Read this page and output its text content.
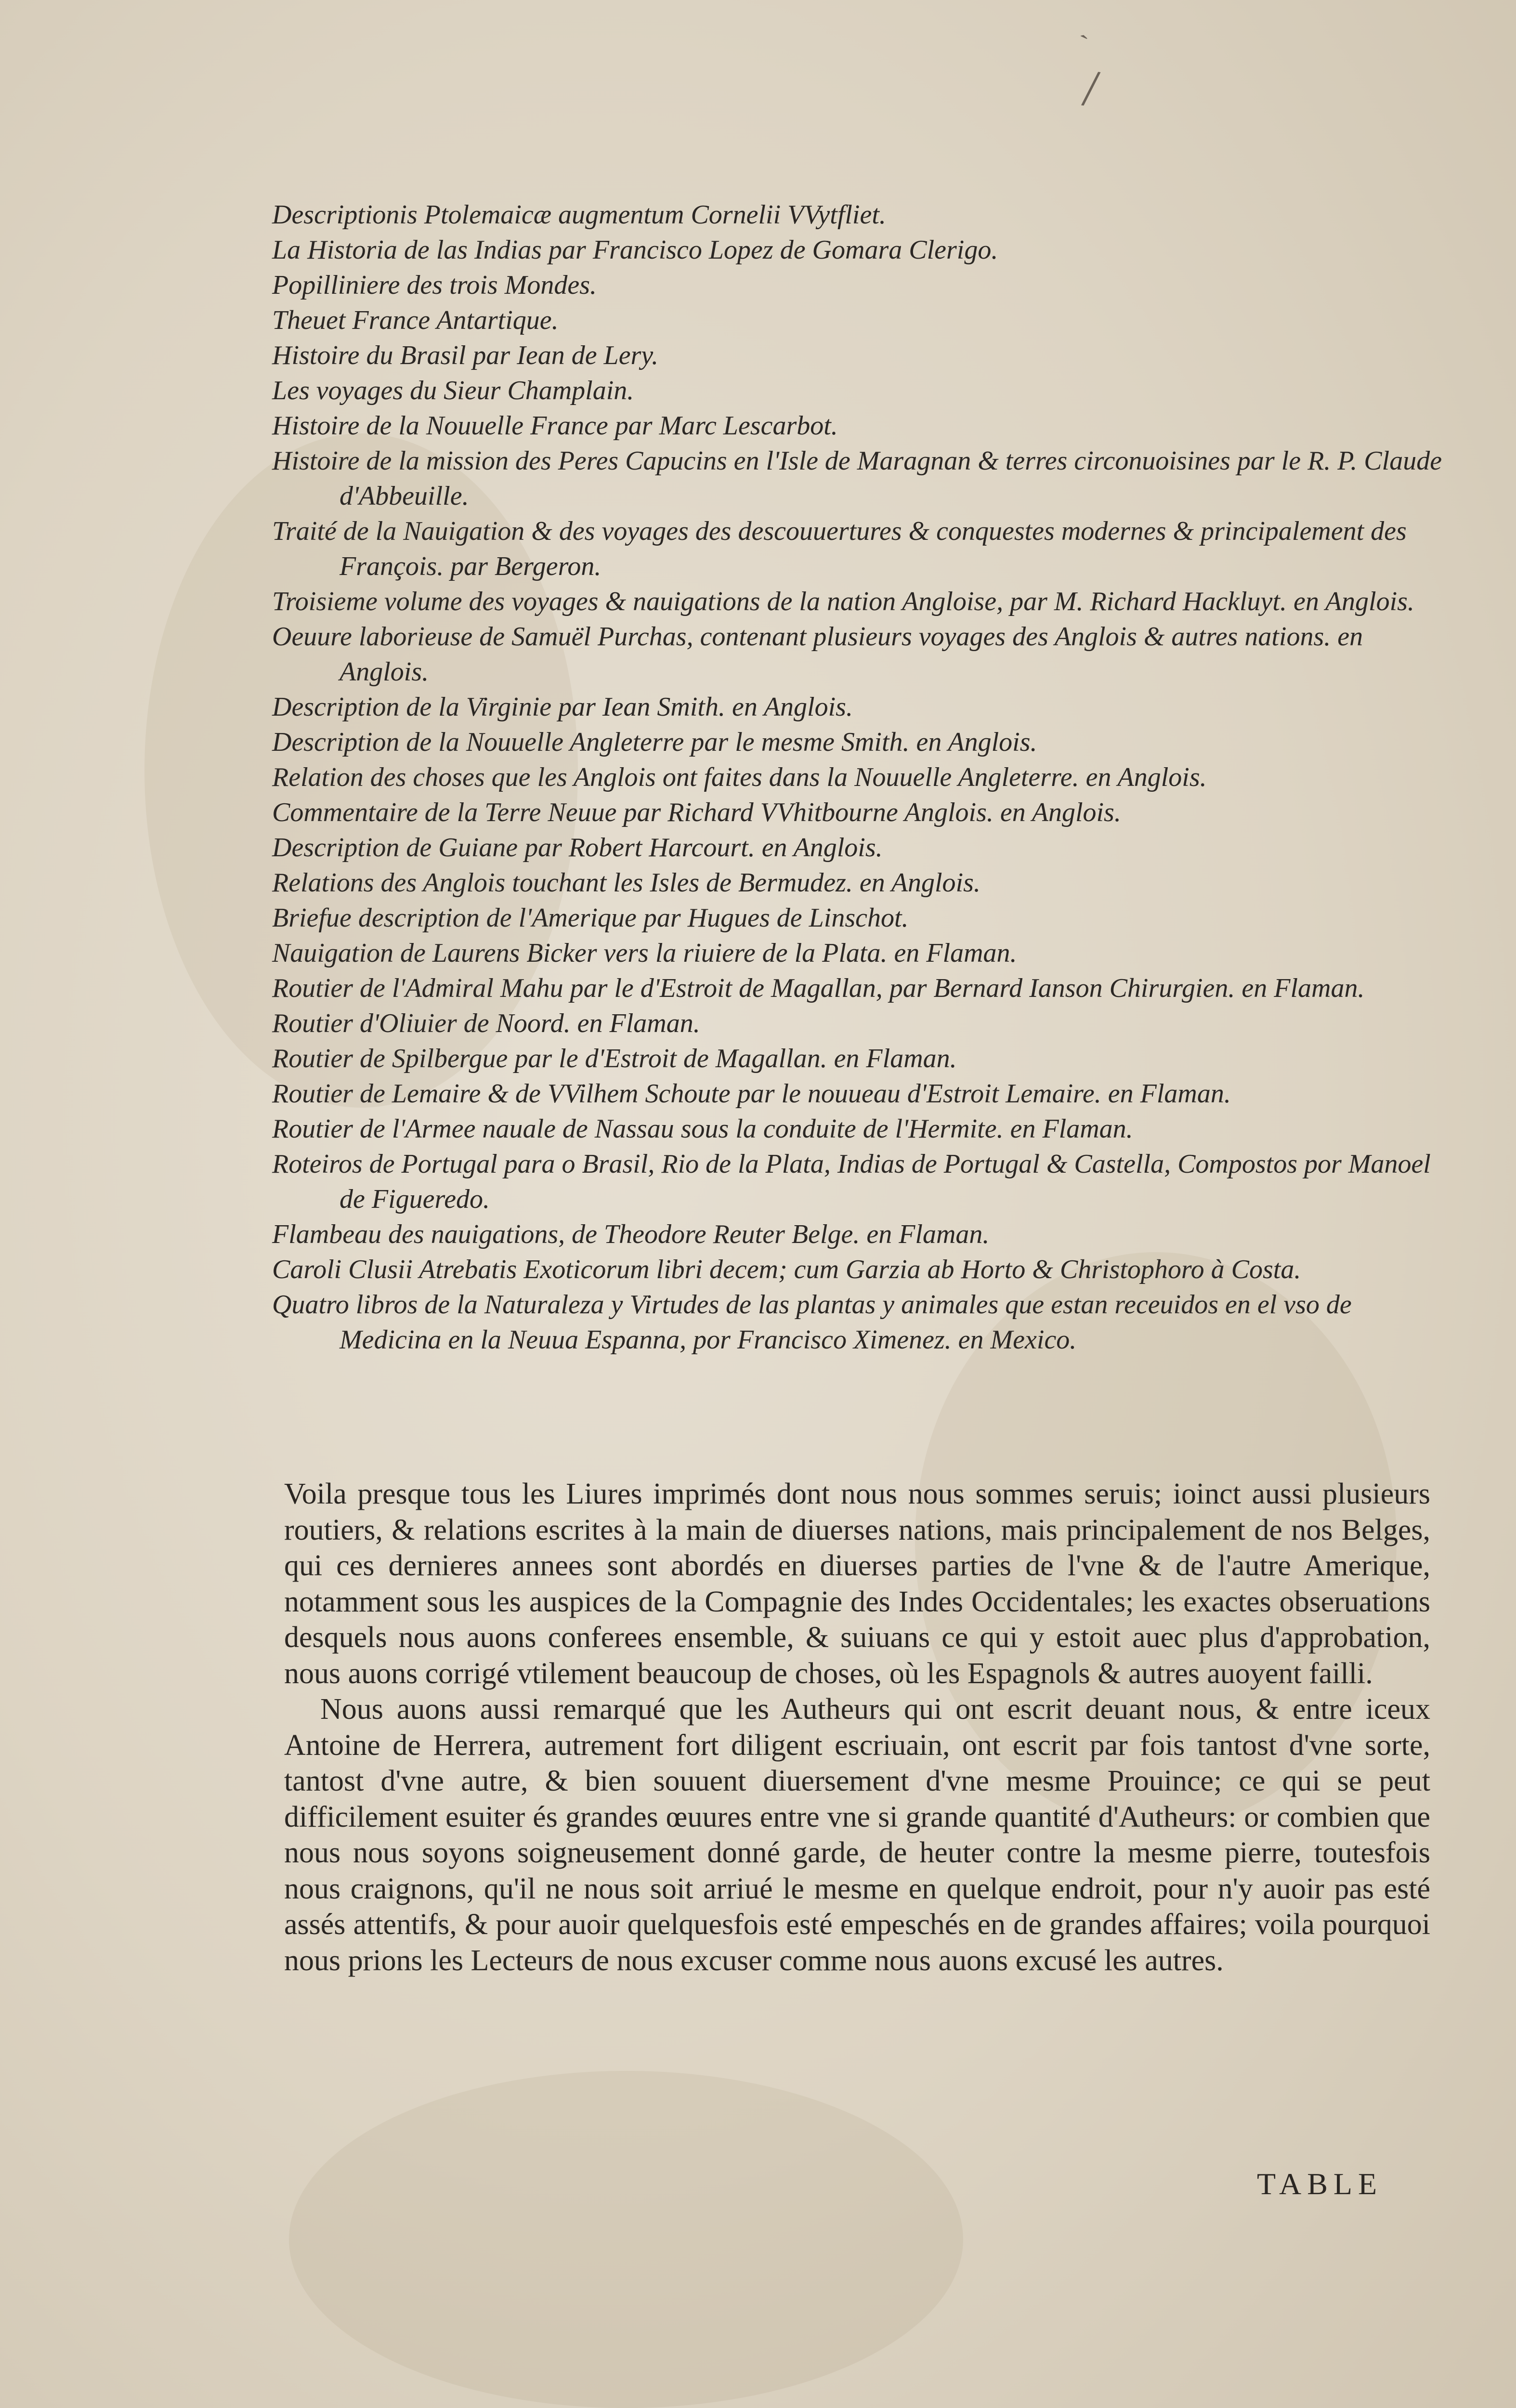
ˋ
/
Descriptionis Ptolemaicæ augmentum Cornelii VVytfliet.
La Historia de las Indias par Francisco Lopez de Gomara Clerigo.
Popilliniere des trois Mondes.
Theuet France Antartique.
Histoire du Brasil par Iean de Lery.
Les voyages du Sieur Champlain.
Histoire de la Nouuelle France par Marc Lescarbot.
Histoire de la mission des Peres Capucins en l'Isle de Maragnan & terres circonuoisines par le R. P. Claude d'Abbeuille.
Traité de la Nauigation & des voyages des descouuertures & conquestes modernes & principalement des François. par Bergeron.
Troisieme volume des voyages & nauigations de la nation Angloise, par M. Richard Hackluyt. en Anglois.
Oeuure laborieuse de Samuël Purchas, contenant plusieurs voyages des Anglois & autres nations. en Anglois.
Description de la Virginie par Iean Smith. en Anglois.
Description de la Nouuelle Angleterre par le mesme Smith. en Anglois.
Relation des choses que les Anglois ont faites dans la Nouuelle Angleterre. en Anglois.
Commentaire de la Terre Neuue par Richard VVhitbourne Anglois. en Anglois.
Description de Guiane par Robert Harcourt. en Anglois.
Relations des Anglois touchant les Isles de Bermudez. en Anglois.
Briefue description de l'Amerique par Hugues de Linschot.
Nauigation de Laurens Bicker vers la riuiere de la Plata. en Flaman.
Routier de l'Admiral Mahu par le d'Estroit de Magallan, par Bernard Ianson Chirurgien. en Flaman.
Routier d'Oliuier de Noord. en Flaman.
Routier de Spilbergue par le d'Estroit de Magallan. en Flaman.
Routier de Lemaire & de VVilhem Schoute par le nouueau d'Estroit Lemaire. en Flaman.
Routier de l'Armee nauale de Nassau sous la conduite de l'Hermite. en Flaman.
Roteiros de Portugal para o Brasil, Rio de la Plata, Indias de Portugal & Castella, Compostos por Manoel de Figueredo.
Flambeau des nauigations, de Theodore Reuter Belge. en Flaman.
Caroli Clusii Atrebatis Exoticorum libri decem; cum Garzia ab Horto & Christophoro à Costa.
Quatro libros de la Naturaleza y Virtudes de las plantas y animales que estan receuidos en el vso de Medicina en la Neuua Espanna, por Francisco Ximenez. en Mexico.

Voila presque tous les Liures imprimés dont nous nous sommes seruis; ioinct aussi plusieurs routiers, & relations escrites à la main de diuerses nations, mais principalement de nos Belges, qui ces dernieres annees sont abordés en diuerses parties de l'vne & de l'autre Amerique, notamment sous les auspices de la Compagnie des Indes Occidentales; les exactes obseruations desquels nous auons conferees ensemble, & suiuans ce qui y estoit auec plus d'approbation, nous auons corrigé vtilement beaucoup de choses, où les Espagnols & autres auoyent failli.

Nous auons aussi remarqué que les Autheurs qui ont escrit deuant nous, & entre iceux Antoine de Herrera, autrement fort diligent escriuain, ont escrit par fois tantost d'vne sorte, tantost d'vne autre, & bien souuent diuersement d'vne mesme Prouince; ce qui se peut difficilement esuiter és grandes œuures entre vne si grande quantité d'Autheurs: or combien que nous nous soyons soigneusement donné garde, de heuter contre la mesme pierre, toutesfois nous craignons, qu'il ne nous soit arriué le mesme en quelque endroit, pour n'y auoir pas esté assés attentifs, & pour auoir quelquesfois esté empeschés en de grandes affaires; voila pourquoi nous prions les Lecteurs de nous excuser comme nous auons excusé les autres.

TABLE
